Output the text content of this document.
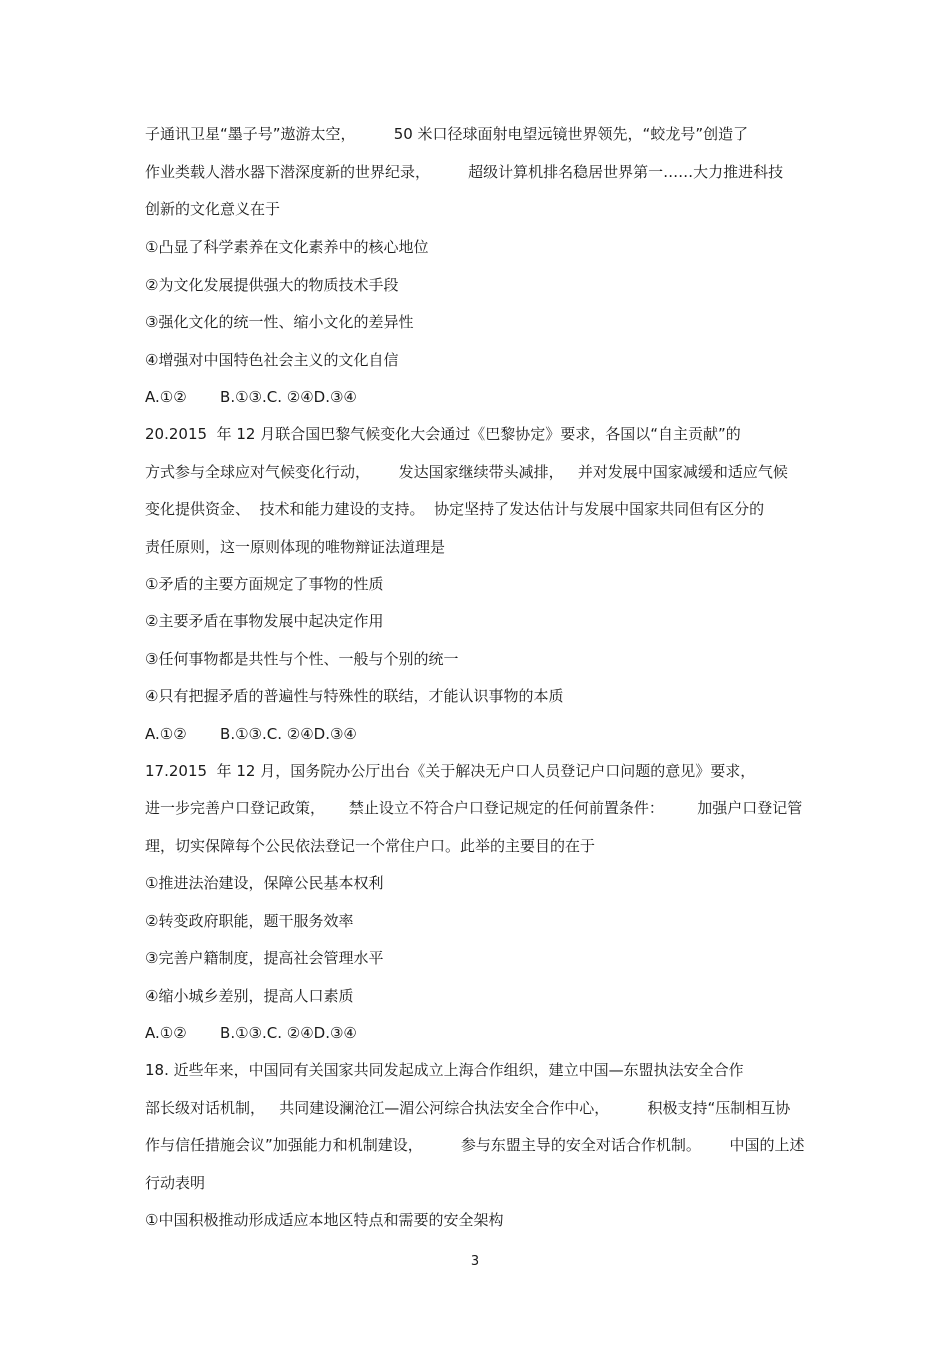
子通讯卫星“墨子号”遨游太空，        50 米口径球面射电望远镜世界领先，“蛟龙号”创造了
作业类载人潜水器下潜深度新的世界纪录，        超级计算机排名稳居世界第一……大力推进科技
创新的文化意义在于
①凸显了科学素养在文化素养中的核心地位
②为文化发展提供强大的物质技术手段
③强化文化的统一性、缩小文化的差异性
④增强对中国特色社会主义的文化自信
A.①②       B.①③.C. ②④D.③④
20.2015  年 12 月联合国巴黎气候变化大会通过《巴黎协定》要求，各国以“自主贡献”的
方式参与全球应对气候变化行动，      发达国家继续带头减排，   并对发展中国家减缓和适应气候
变化提供资金、  技术和能力建设的支持。  协定坚持了发达估计与发展中国家共同但有区分的
责任原则，这一原则体现的唯物辩证法道理是
①矛盾的主要方面规定了事物的性质
②主要矛盾在事物发展中起决定作用
③任何事物都是共性与个性、一般与个别的统一
④只有把握矛盾的普遍性与特殊性的联结，才能认识事物的本质
A.①②       B.①③.C. ②④D.③④
17.2015  年 12 月，国务院办公厅出台《关于解决无户口人员登记户口问题的意见》要求，
进一步完善户口登记政策，     禁止设立不符合户口登记规定的任何前置条件：       加强户口登记管
理，切实保障每个公民依法登记一个常住户口。此举的主要目的在于
①推进法治建设，保障公民基本权利
②转变政府职能，题干服务效率
③完善户籍制度，提高社会管理水平
④缩小城乡差别，提高人口素质
A.①②       B.①③.C. ②④D.③④
18. 近些年来，中国同有关国家共同发起成立上海合作组织，建立中国—东盟执法安全合作
部长级对话机制，   共同建设澜沧江—湄公河综合执法安全合作中心，        积极支持“压制相互协
作与信任措施会议”加强能力和机制建设，        参与东盟主导的安全对话合作机制。      中国的上述
行动表明
①中国积极推动形成适应本地区特点和需要的安全架构
3
